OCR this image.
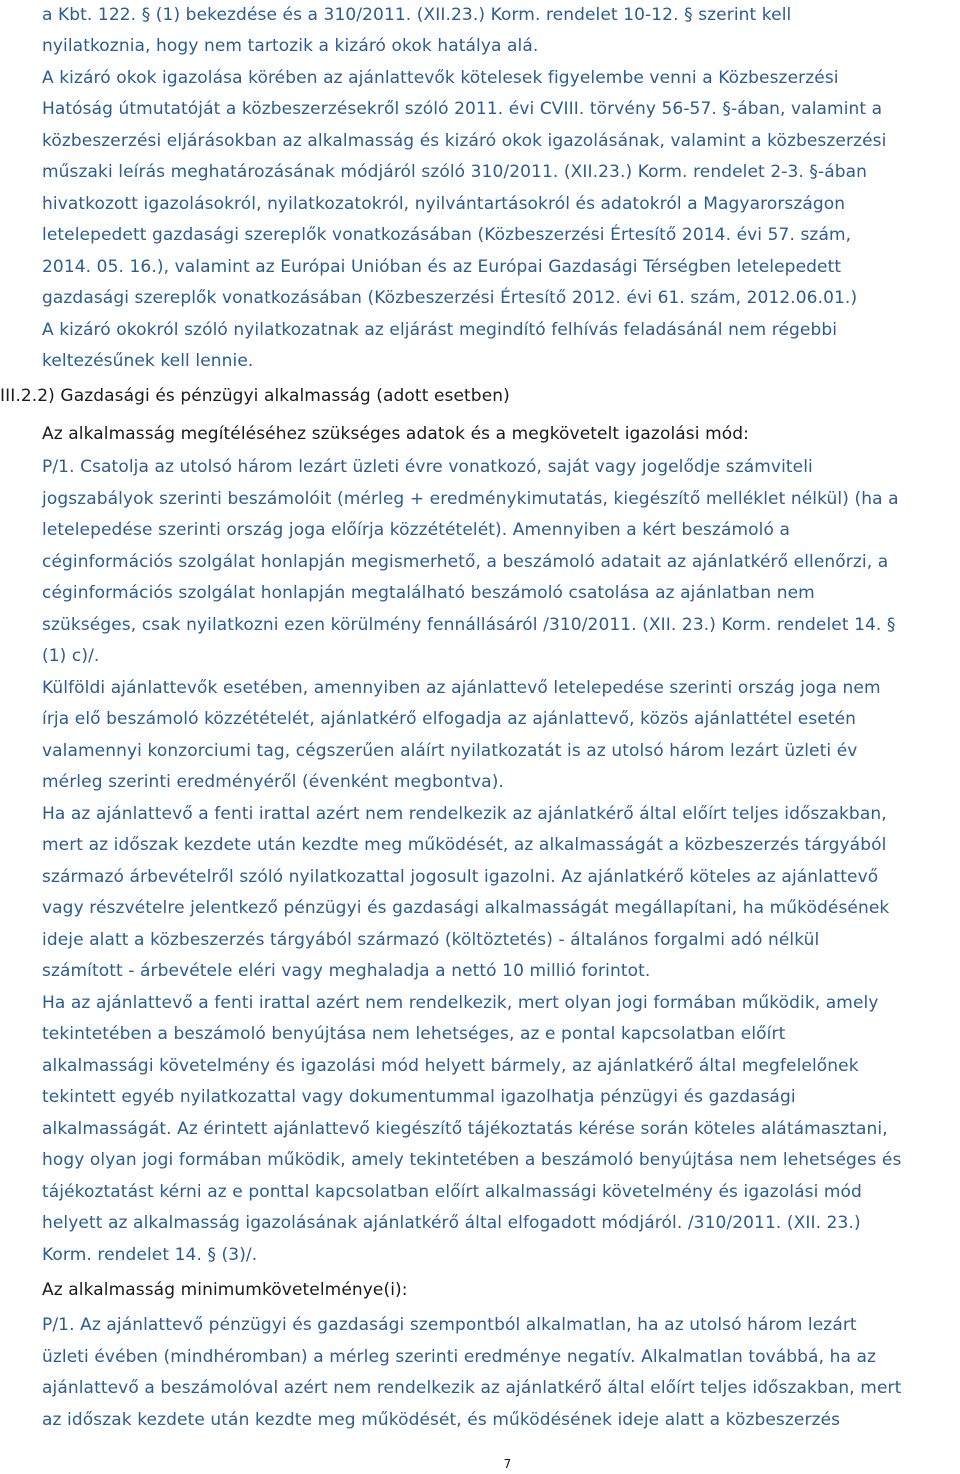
a Kbt. 122. § (1) bekezdése és a 310/2011. (XII.23.) Korm. rendelet 10-12. § szerint kell
nyilatkoznia, hogy nem tartozik a kizáró okok hatálya alá.
A kizáró okok igazolása körében az ajánlattevők kötelesek figyelembe venni a Közbeszerzési
Hatóság útmutatóját a közbeszerzésekről szóló 2011. évi CVIII. törvény 56-57. §-ában, valamint a
közbeszerzési eljárásokban az alkalmasság és kizáró okok igazolásának, valamint a közbeszerzési
műszaki leírás meghatározásának módjáról szóló 310/2011. (XII.23.) Korm. rendelet 2-3. §-ában
hivatkozott igazolásokról, nyilatkozatokról, nyilvántartásokról és adatokról a Magyarországon
letelepedett gazdasági szereplők vonatkozásában (Közbeszerzési Értesítő 2014. évi 57. szám,
2014. 05. 16.), valamint az Európai Unióban és az Európai Gazdasági Térségben letelepedett
gazdasági szereplők vonatkozásában (Közbeszerzési Értesítő 2012. évi 61. szám, 2012.06.01.)
A kizáró okokról szóló nyilatkozatnak az eljárást megindító felhívás feladásánál nem régebbi
keltezésűnek kell lennie.
III.2.2) Gazdasági és pénzügyi alkalmasság (adott esetben)
Az alkalmasság megítéléséhez szükséges adatok és a megkövetelt igazolási mód:
P/1. Csatolja az utolsó három lezárt üzleti évre vonatkozó, saját vagy jogelődje számviteli
jogszabályok szerinti beszámolóit (mérleg + eredménykimutatás, kiegészítő melléklet nélkül) (ha a
letelepedése szerinti ország joga előírja közzétételét). Amennyiben a kért beszámoló a
céginformációs szolgálat honlapján megismerhető, a beszámoló adatait az ajánlatkérő ellenőrzi, a
céginformációs szolgálat honlapján megtalálható beszámoló csatolása az ajánlatban nem
szükséges, csak nyilatkozni ezen körülmény fennállásáról /310/2011. (XII. 23.) Korm. rendelet 14. §
(1) c)/.
Külföldi ajánlattevők esetében, amennyiben az ajánlattevő letelepedése szerinti ország joga nem
írja elő beszámoló közzétételét, ajánlatkérő elfogadja az ajánlattevő, közös ajánlattétel esetén
valamennyi konzorciumi tag, cégszerűen aláírt nyilatkozatát is az utolsó három lezárt üzleti év
mérleg szerinti eredményéről (évenként megbontva).
Ha az ajánlattevő a fenti irattal azért nem rendelkezik az ajánlatkérő által előírt teljes időszakban,
mert az időszak kezdete után kezdte meg működését, az alkalmasságát a közbeszerzés tárgyából
származó árbevételről szóló nyilatkozattal jogosult igazolni. Az ajánlatkérő köteles az ajánlattevő
vagy részvételre jelentkező pénzügyi és gazdasági alkalmasságát megállapítani, ha működésének
ideje alatt a közbeszerzés tárgyából származó (költöztetés) - általános forgalmi adó nélkül
számított - árbevétele eléri vagy meghaladja a nettó 10 millió forintot.
Ha az ajánlattevő a fenti irattal azért nem rendelkezik, mert olyan jogi formában működik, amely
tekintetében a beszámoló benyújtása nem lehetséges, az e pontal kapcsolatban előírt
alkalmassági követelmény és igazolási mód helyett bármely, az ajánlatkérő által megfelelőnek
tekintett egyéb nyilatkozattal vagy dokumentummal igazolhatja pénzügyi és gazdasági
alkalmasságát. Az érintett ajánlattevő kiegészítő tájékoztatás kérése során köteles alátámasztani,
hogy olyan jogi formában működik, amely tekintetében a beszámoló benyújtása nem lehetséges és
tájékoztatást kérni az e ponttal kapcsolatban előírt alkalmassági követelmény és igazolási mód
helyett az alkalmasság igazolásának ajánlatkérő által elfogadott módjáról. /310/2011. (XII. 23.)
Korm. rendelet 14. § (3)/.
Az alkalmasság minimumkövetelménye(i):
P/1. Az ajánlattevő pénzügyi és gazdasági szempontból alkalmatlan, ha az utolsó három lezárt
üzleti évében (mindhéromban) a mérleg szerinti eredménye negatív. Alkalmatlan továbbá, ha az
ajánlattevő a beszámolóval azért nem rendelkezik az ajánlatkérő által előírt teljes időszakban, mert
az időszak kezdete után kezdte meg működését, és működésének ideje alatt a közbeszerzés
7
